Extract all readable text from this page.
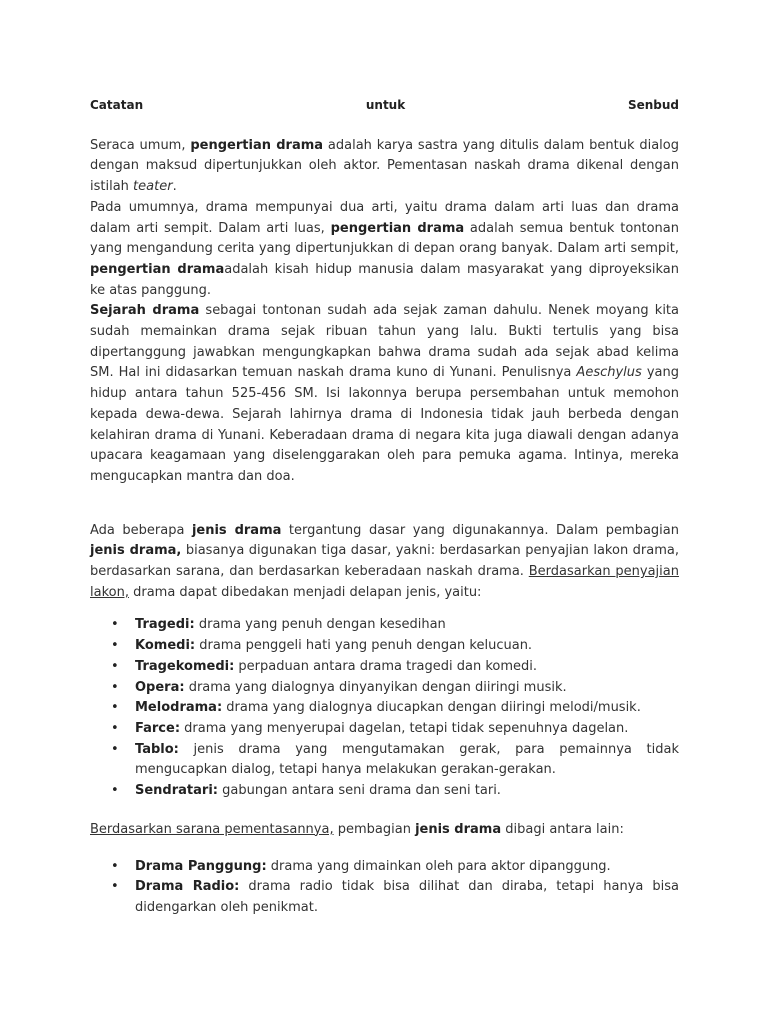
Catatan	untuk	Senbud

Seraca umum, pengertian drama adalah karya sastra yang ditulis dalam bentuk dialog dengan maksud dipertunjukkan oleh aktor. Pementasan naskah drama dikenal dengan istilah teater.

Pada umumnya, drama mempunyai dua arti, yaitu drama dalam arti luas dan drama dalam arti sempit. Dalam arti luas, pengertian drama adalah semua bentuk tontonan yang mengandung cerita yang dipertunjukkan di depan orang banyak. Dalam arti sempit, pengertian dramaadalah kisah hidup manusia dalam masyarakat yang diproyeksikan ke atas panggung.

Sejarah drama sebagai tontonan sudah ada sejak zaman dahulu. Nenek moyang kita sudah memainkan drama sejak ribuan tahun yang lalu. Bukti tertulis yang bisa dipertanggung jawabkan mengungkapkan bahwa drama sudah ada sejak abad kelima SM. Hal ini didasarkan temuan naskah drama kuno di Yunani. Penulisnya Aeschylus yang hidup antara tahun 525-456 SM. Isi lakonnya berupa persembahan untuk memohon kepada dewa-dewa. Sejarah lahirnya drama di Indonesia tidak jauh berbeda dengan kelahiran drama di Yunani. Keberadaan drama di negara kita juga diawali dengan adanya upacara keagamaan yang diselenggarakan oleh para pemuka agama. Intinya, mereka mengucapkan mantra dan doa.

Ada beberapa jenis drama tergantung dasar yang digunakannya. Dalam pembagian jenis drama, biasanya digunakan tiga dasar, yakni: berdasarkan penyajian lakon drama, berdasarkan sarana, dan berdasarkan keberadaan naskah drama. Berdasarkan penyajian lakon, drama dapat dibedakan menjadi delapan jenis, yaitu:

• Tragedi: drama yang penuh dengan kesedihan
• Komedi: drama penggeli hati yang penuh dengan kelucuan.
• Tragekomedi: perpaduan antara drama tragedi dan komedi.
• Opera: drama yang dialognya dinyanyikan dengan diiringi musik.
• Melodrama: drama yang dialognya diucapkan dengan diiringi melodi/musik.
• Farce: drama yang menyerupai dagelan, tetapi tidak sepenuhnya dagelan.
• Tablo: jenis drama yang mengutamakan gerak, para pemainnya tidak mengucapkan dialog, tetapi hanya melakukan gerakan-gerakan.
• Sendratari: gabungan antara seni drama dan seni tari.

Berdasarkan sarana pementasannya, pembagian jenis drama dibagi antara lain:

• Drama Panggung: drama yang dimainkan oleh para aktor dipanggung.
• Drama Radio: drama radio tidak bisa dilihat dan diraba, tetapi hanya bisa didengarkan oleh penikmat.
